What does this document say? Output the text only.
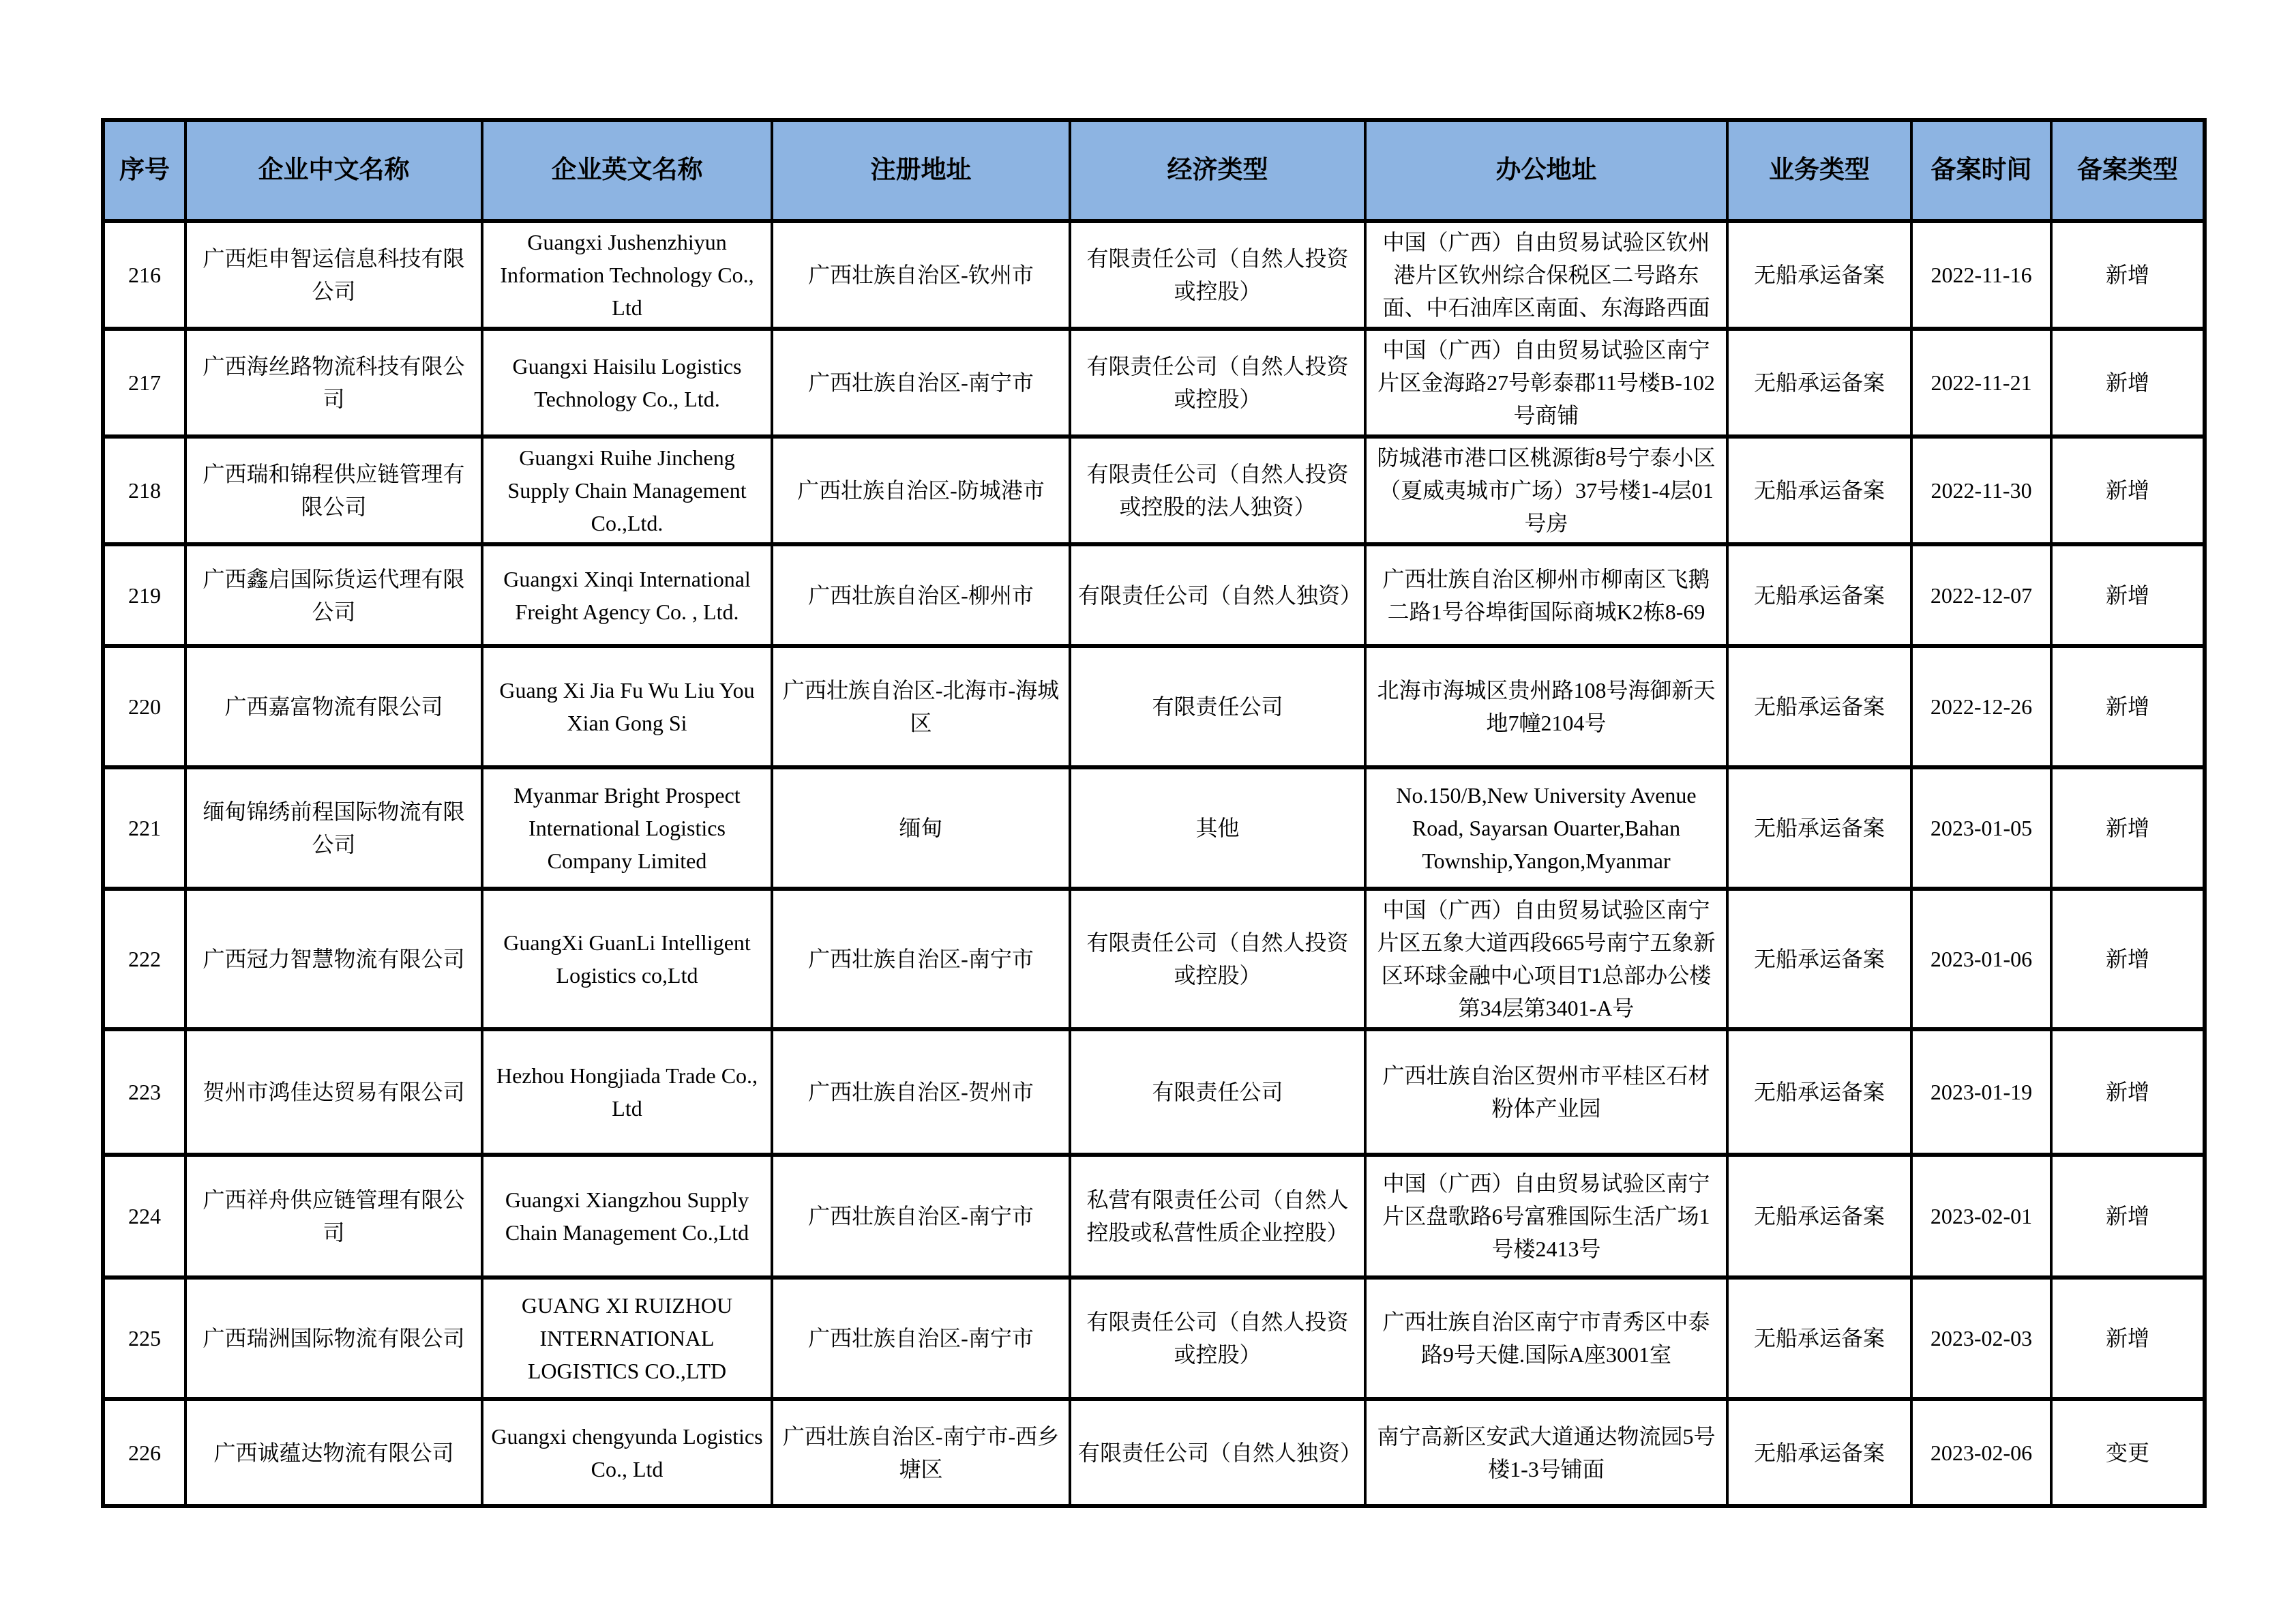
序号	企业中文名称	企业英文名称	注册地址	经济类型	办公地址	业务类型	备案时间	备案类型
216	广西炬申智运信息科技有限公司	Guangxi Jushenzhiyun Information Technology Co., Ltd	广西壮族自治区-钦州市	有限责任公司（自然人投资或控股）	中国（广西）自由贸易试验区钦州港片区钦州综合保税区二号路东面、中石油库区南面、东海路西面	无船承运备案	2022-11-16	新增
217	广西海丝路物流科技有限公司	Guangxi Haisilu Logistics Technology Co., Ltd.	广西壮族自治区-南宁市	有限责任公司（自然人投资或控股）	中国（广西）自由贸易试验区南宁片区金海路27号彰泰郡11号楼B-102号商铺	无船承运备案	2022-11-21	新增
218	广西瑞和锦程供应链管理有限公司	Guangxi Ruihe Jincheng Supply Chain Management Co.,Ltd.	广西壮族自治区-防城港市	有限责任公司（自然人投资或控股的法人独资）	防城港市港口区桃源街8号宁泰小区（夏威夷城市广场）37号楼1-4层01号房	无船承运备案	2022-11-30	新增
219	广西鑫启国际货运代理有限公司	Guangxi Xinqi International Freight Agency Co. , Ltd.	广西壮族自治区-柳州市	有限责任公司（自然人独资）	广西壮族自治区柳州市柳南区飞鹅二路1号谷埠街国际商城K2栋8-69	无船承运备案	2022-12-07	新增
220	广西嘉富物流有限公司	Guang Xi Jia Fu Wu Liu You Xian Gong Si	广西壮族自治区-北海市-海城区	有限责任公司	北海市海城区贵州路108号海御新天地7幢2104号	无船承运备案	2022-12-26	新增
221	缅甸锦绣前程国际物流有限公司	Myanmar Bright Prospect International Logistics Company Limited	缅甸	其他	No.150/B,New University Avenue Road, Sayarsan Ouarter,Bahan Township,Yangon,Myanmar	无船承运备案	2023-01-05	新增
222	广西冠力智慧物流有限公司	GuangXi GuanLi Intelligent Logistics co,Ltd	广西壮族自治区-南宁市	有限责任公司（自然人投资或控股）	中国（广西）自由贸易试验区南宁片区五象大道西段665号南宁五象新区环球金融中心项目T1总部办公楼第34层第3401-A号	无船承运备案	2023-01-06	新增
223	贺州市鸿佳达贸易有限公司	Hezhou Hongjiada Trade Co., Ltd	广西壮族自治区-贺州市	有限责任公司	广西壮族自治区贺州市平桂区石材粉体产业园	无船承运备案	2023-01-19	新增
224	广西祥舟供应链管理有限公司	Guangxi Xiangzhou Supply Chain Management Co.,Ltd	广西壮族自治区-南宁市	私营有限责任公司（自然人控股或私营性质企业控股）	中国（广西）自由贸易试验区南宁片区盘歌路6号富雅国际生活广场1号楼2413号	无船承运备案	2023-02-01	新增
225	广西瑞洲国际物流有限公司	GUANG XI RUIZHOU INTERNATIONAL LOGISTICS CO.,LTD	广西壮族自治区-南宁市	有限责任公司（自然人投资或控股）	广西壮族自治区南宁市青秀区中泰路9号天健.国际A座3001室	无船承运备案	2023-02-03	新增
226	广西诚蕴达物流有限公司	Guangxi chengyunda Logistics Co., Ltd	广西壮族自治区-南宁市-西乡塘区	有限责任公司（自然人独资）	南宁高新区安武大道通达物流园5号楼1-3号铺面	无船承运备案	2023-02-06	变更
